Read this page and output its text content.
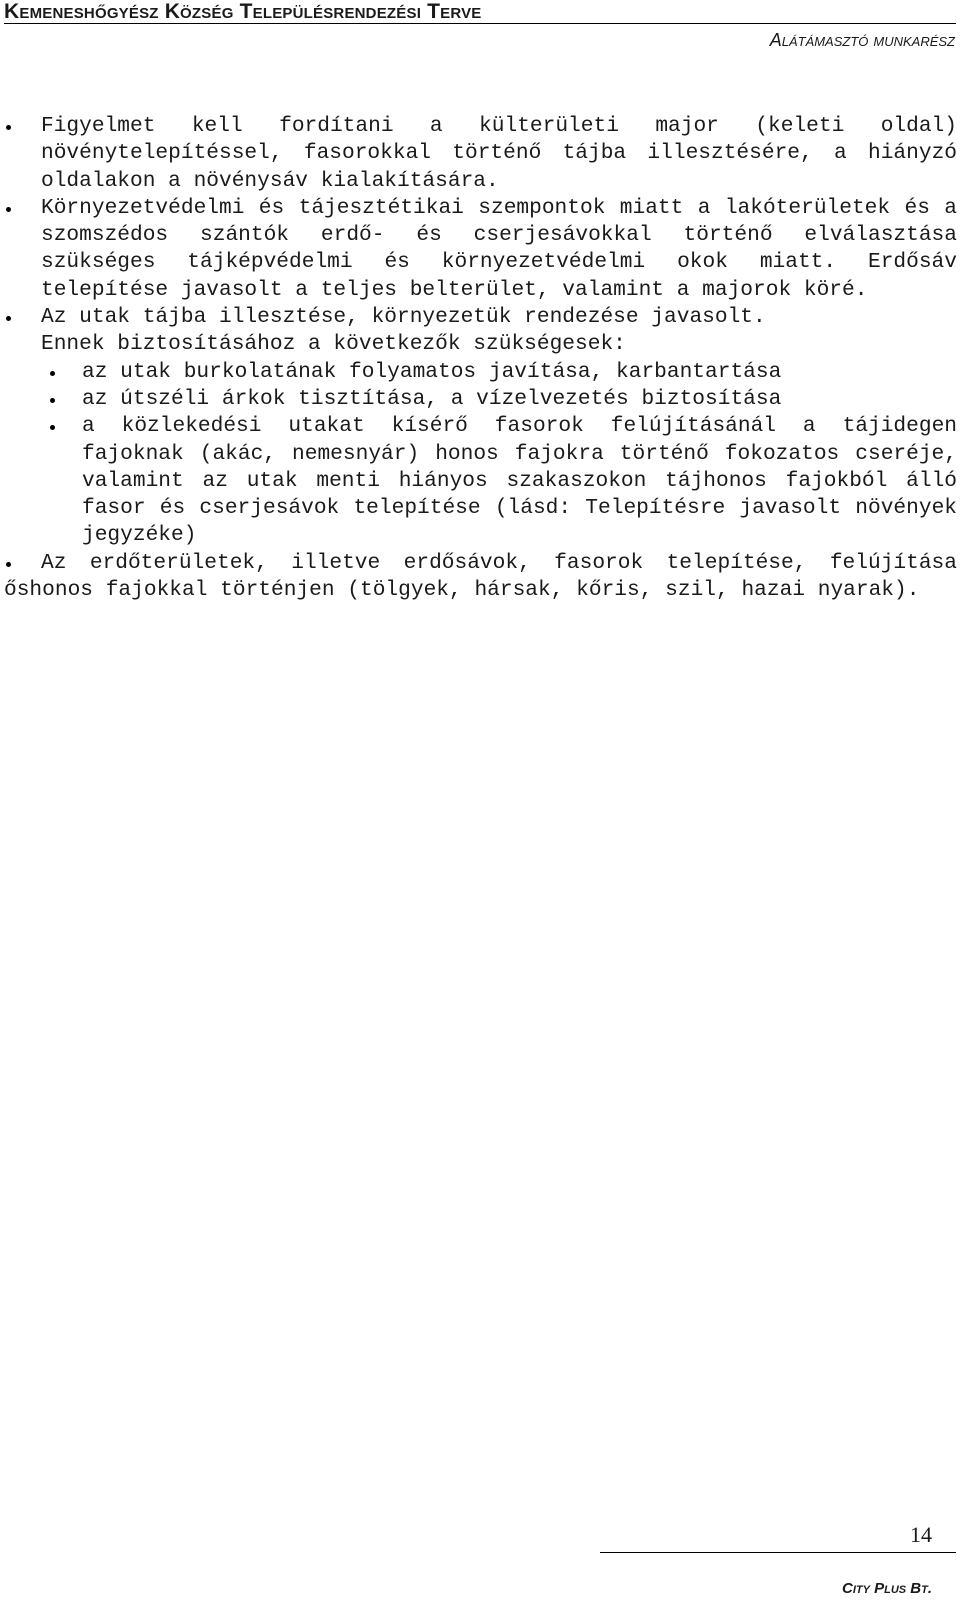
Kemeneshőgyész Község Településrendezési Terve
Alátámasztó munkarész
Figyelmet kell fordítani a külterületi major (keleti oldal) növénytelepítéssel, fasorokkal történő tájba illesztésére, a hiányzó oldalakon a növénysáv kialakítására.
Környezetvédelmi és tájesztétikai szempontok miatt a lakóterületek és a szomszédos szántók erdő- és cserjesávokkal történő elválasztása szükséges tájképvédelmi és környezetvédelmi okok miatt. Erdősáv telepítése javasolt a teljes belterület, valamint a majorok köré.
Az utak tájba illesztése, környezetük rendezése javasolt.
Ennek biztosításához a következők szükségesek:
az utak burkolatának folyamatos javítása, karbantartása
az útszéli árkok tisztítása, a vízelvezetés biztosítása
a közlekedési utakat kísérő fasorok felújításánál a tájidegen fajoknak (akác, nemesnyár) honos fajokra történő fokozatos cseréje, valamint az utak menti hiányos szakaszokon tájhonos fajokból álló fasor és cserjesávok telepítése (lásd: Telepítésre javasolt növények jegyzéke)
Az erdőterületek, illetve erdősávok, fasorok telepítése, felújítása őshonos fajokkal történjen (tölgyek, hársak, kőris, szil, hazai nyarak).
14
City Plus Bt.
